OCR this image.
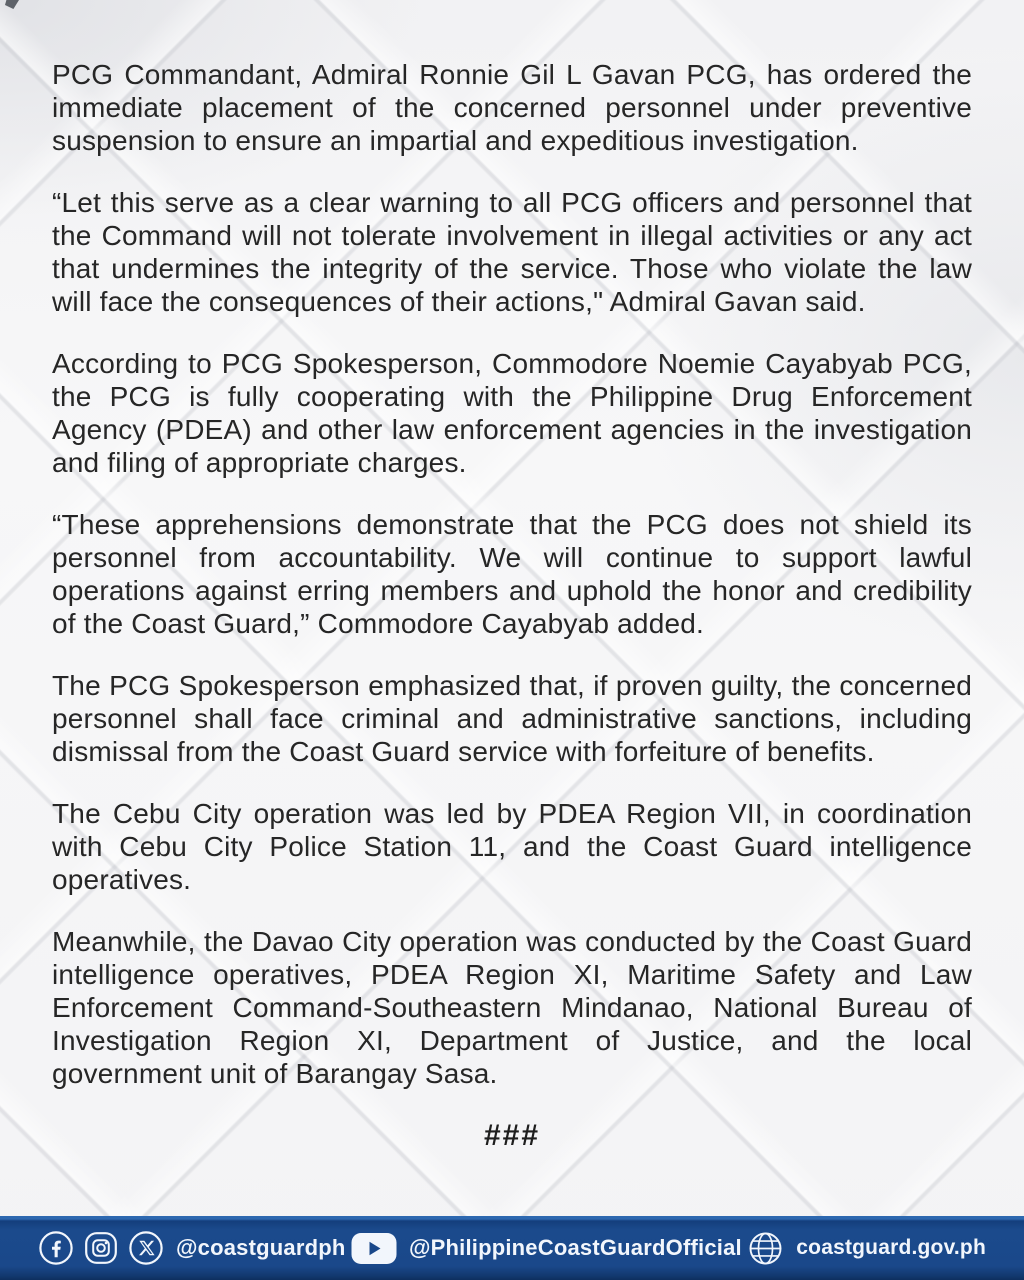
PCG Commandant, Admiral Ronnie Gil L Gavan PCG, has ordered the immediate placement of the concerned personnel under preventive suspension to ensure an impartial and expeditious investigation.

“Let this serve as a clear warning to all PCG officers and personnel that the Command will not tolerate involvement in illegal activities or any act that undermines the integrity of the service. Those who violate the law will face the consequences of their actions," Admiral Gavan said.

According to PCG Spokesperson, Commodore Noemie Cayabyab PCG, the PCG is fully cooperating with the Philippine Drug Enforcement Agency (PDEA) and other law enforcement agencies in the investigation and filing of appropriate charges.

“These apprehensions demonstrate that the PCG does not shield its personnel from accountability. We will continue to support lawful operations against erring members and uphold the honor and credibility of the Coast Guard,” Commodore Cayabyab added.

The PCG Spokesperson emphasized that, if proven guilty, the concerned personnel shall face criminal and administrative sanctions, including dismissal from the Coast Guard service with forfeiture of benefits.

The Cebu City operation was led by PDEA Region VII, in coordination with Cebu City Police Station 11, and the Coast Guard intelligence operatives.

Meanwhile, the Davao City operation was conducted by the Coast Guard intelligence operatives, PDEA Region XI, Maritime Safety and Law Enforcement Command-Southeastern Mindanao, National Bureau of Investigation Region XI, Department of Justice, and the local government unit of Barangay Sasa.

###
@coastguardph	@PhilippineCoastGuardOfficial	coastguard.gov.ph
